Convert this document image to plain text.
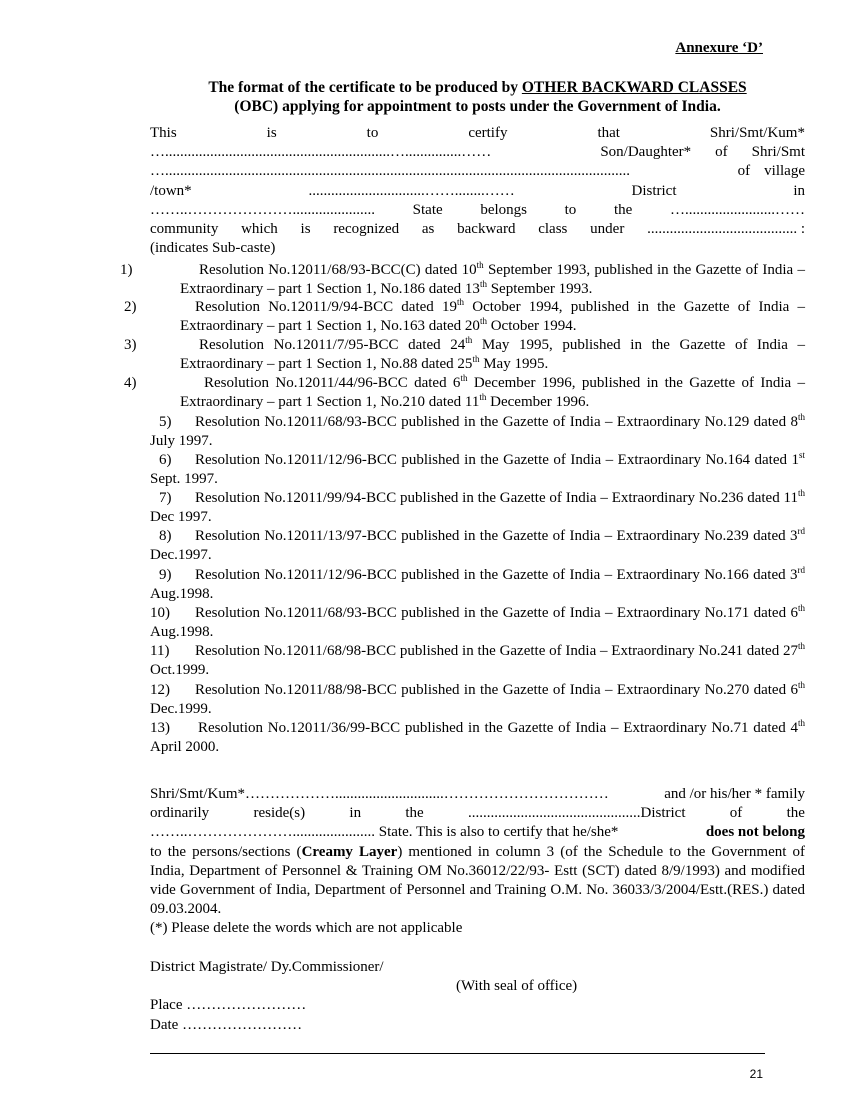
Annexure ‘D’
The format of the certificate to be produced by OTHER BACKWARD CLASSES
(OBC) applying for appointment to posts under the Government of India.
This	is	to	certify	that	Shri/Smt/Kum*
…............................................................…...............……	Son/Daughter* of Shri/Smt
…............................................................................................................................	of village
/town*	...............................……........……	District	in
……..…………………......................	State	belongs	to	the	…........................……
community which is recognized as backward class under ........................................ :
(indicates Sub-caste)
1)	Resolution No.12011/68/93-BCC(C) dated 10th September 1993, published in the Gazette of India – Extraordinary – part 1 Section 1, No.186 dated 13th September 1993.
2)	Resolution No.12011/9/94-BCC dated 19th October 1994, published in the Gazette of India – Extraordinary – part 1 Section 1, No.163 dated 20th October 1994.
3)	Resolution No.12011/7/95-BCC dated 24th May 1995, published in the Gazette of India – Extraordinary – part 1 Section 1, No.88 dated 25th May 1995.
4)	Resolution No.12011/44/96-BCC dated 6th December 1996, published in the Gazette of India – Extraordinary – part 1 Section 1, No.210 dated 11th December 1996.
5) Resolution No.12011/68/93-BCC published in the Gazette of India – Extraordinary No.129 dated 8th July 1997.
6) Resolution No.12011/12/96-BCC published in the Gazette of India – Extraordinary No.164 dated 1st Sept. 1997.
7) Resolution No.12011/99/94-BCC published in the Gazette of India – Extraordinary No.236 dated 11th Dec 1997.
8) Resolution No.12011/13/97-BCC published in the Gazette of India – Extraordinary No.239 dated 3rd Dec.1997.
9) Resolution No.12011/12/96-BCC published in the Gazette of India – Extraordinary No.166 dated 3rd Aug.1998.
10) Resolution No.12011/68/93-BCC published in the Gazette of India – Extraordinary No.171 dated 6th Aug.1998.
11) Resolution No.12011/68/98-BCC published in the Gazette of India – Extraordinary No.241 dated 27th Oct.1999.
12) Resolution No.12011/88/98-BCC published in the Gazette of India – Extraordinary No.270 dated 6th Dec.1999.
13) Resolution No.12011/36/99-BCC published in the Gazette of India – Extraordinary No.71 dated 4th April 2000.
Shri/Smt/Kum*……………….............................……………………………	and /or his/her * family
ordinarily	reside(s)	in	the	..............................................District	of	the
……..…………………...................... State. This is also to certify that he/she*	does not belong
to the persons/sections (Creamy Layer) mentioned in column 3 (of the Schedule to the Government of India, Department of Personnel & Training OM No.36012/22/93- Estt (SCT) dated 8/9/1993) and modified vide Government of India, Department of Personnel and Training O.M. No. 36033/3/2004/Estt.(RES.) dated 09.03.2004.
(*) Please delete the words which are not applicable
District Magistrate/ Dy.Commissioner/
(With seal of office)
Place ……………………
Date ……………………
21
